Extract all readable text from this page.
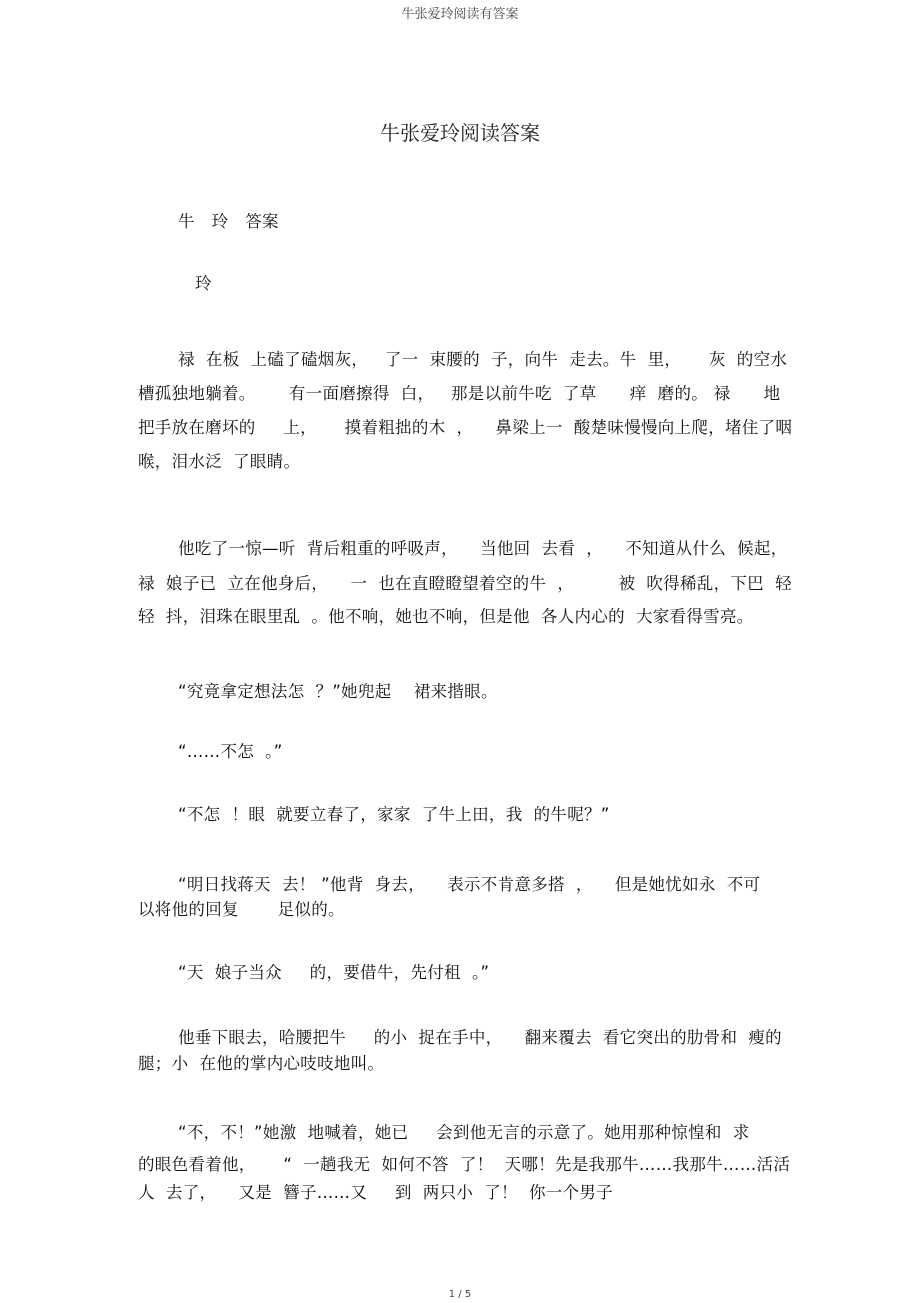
牛张爱玲阅读有答案
牛张爱玲阅读答案
牛　玲　答案
玲
禄  在板  上磕了磕烟灰，   了一  束腰的  子，向牛  走去。牛  里，     灰  的空水
槽孤独地躺着。      有一面磨擦得  白，   那是以前牛吃  了草      痒  磨的。 禄      地
把手放在磨坏的     上，     摸着粗拙的木  ，    鼻梁上一  酸楚味慢慢向上爬，堵住了咽
喉，泪水泛  了眼睛。
他吃了一惊—听  背后粗重的呼吸声，    当他回  去看  ，    不知道从什么  候起，
禄  娘子已  立在他身后，    一  也在直瞪瞪望着空的牛  ，        被  吹得稀乱，下巴  轻
轻  抖，泪珠在眼里乱  。他不响，她也不响，但是他  各人内心的  大家看得雪亮。
“究竟拿定想法怎  ？”她兜起    裙来揩眼。
“……不怎  。”
“不怎  ！眼  就要立春了，家家  了牛上田，我  的牛呢？”
“明日找蒋天  去！ ”他背  身去，    表示不肯意多搭  ，    但是她忧如永  不可
以将他的回复       足似的。
“天  娘子当众     的，要借牛，先付租  。”
他垂下眼去，哈腰把牛     的小  捉在手中，    翻来覆去  看它突出的肋骨和  瘦的
腿；小  在他的掌内心吱吱地叫。
“不，不！”她激  地喊着，她已     会到他无言的示意了。她用那种惊惶和  求
的眼色看着他，     “  一趟我无  如何不答  了！  天哪！先是我那牛……我那牛……活活
人  去了，    又是  簪子……又     到  两只小  了！  你一个男子
1 / 5
